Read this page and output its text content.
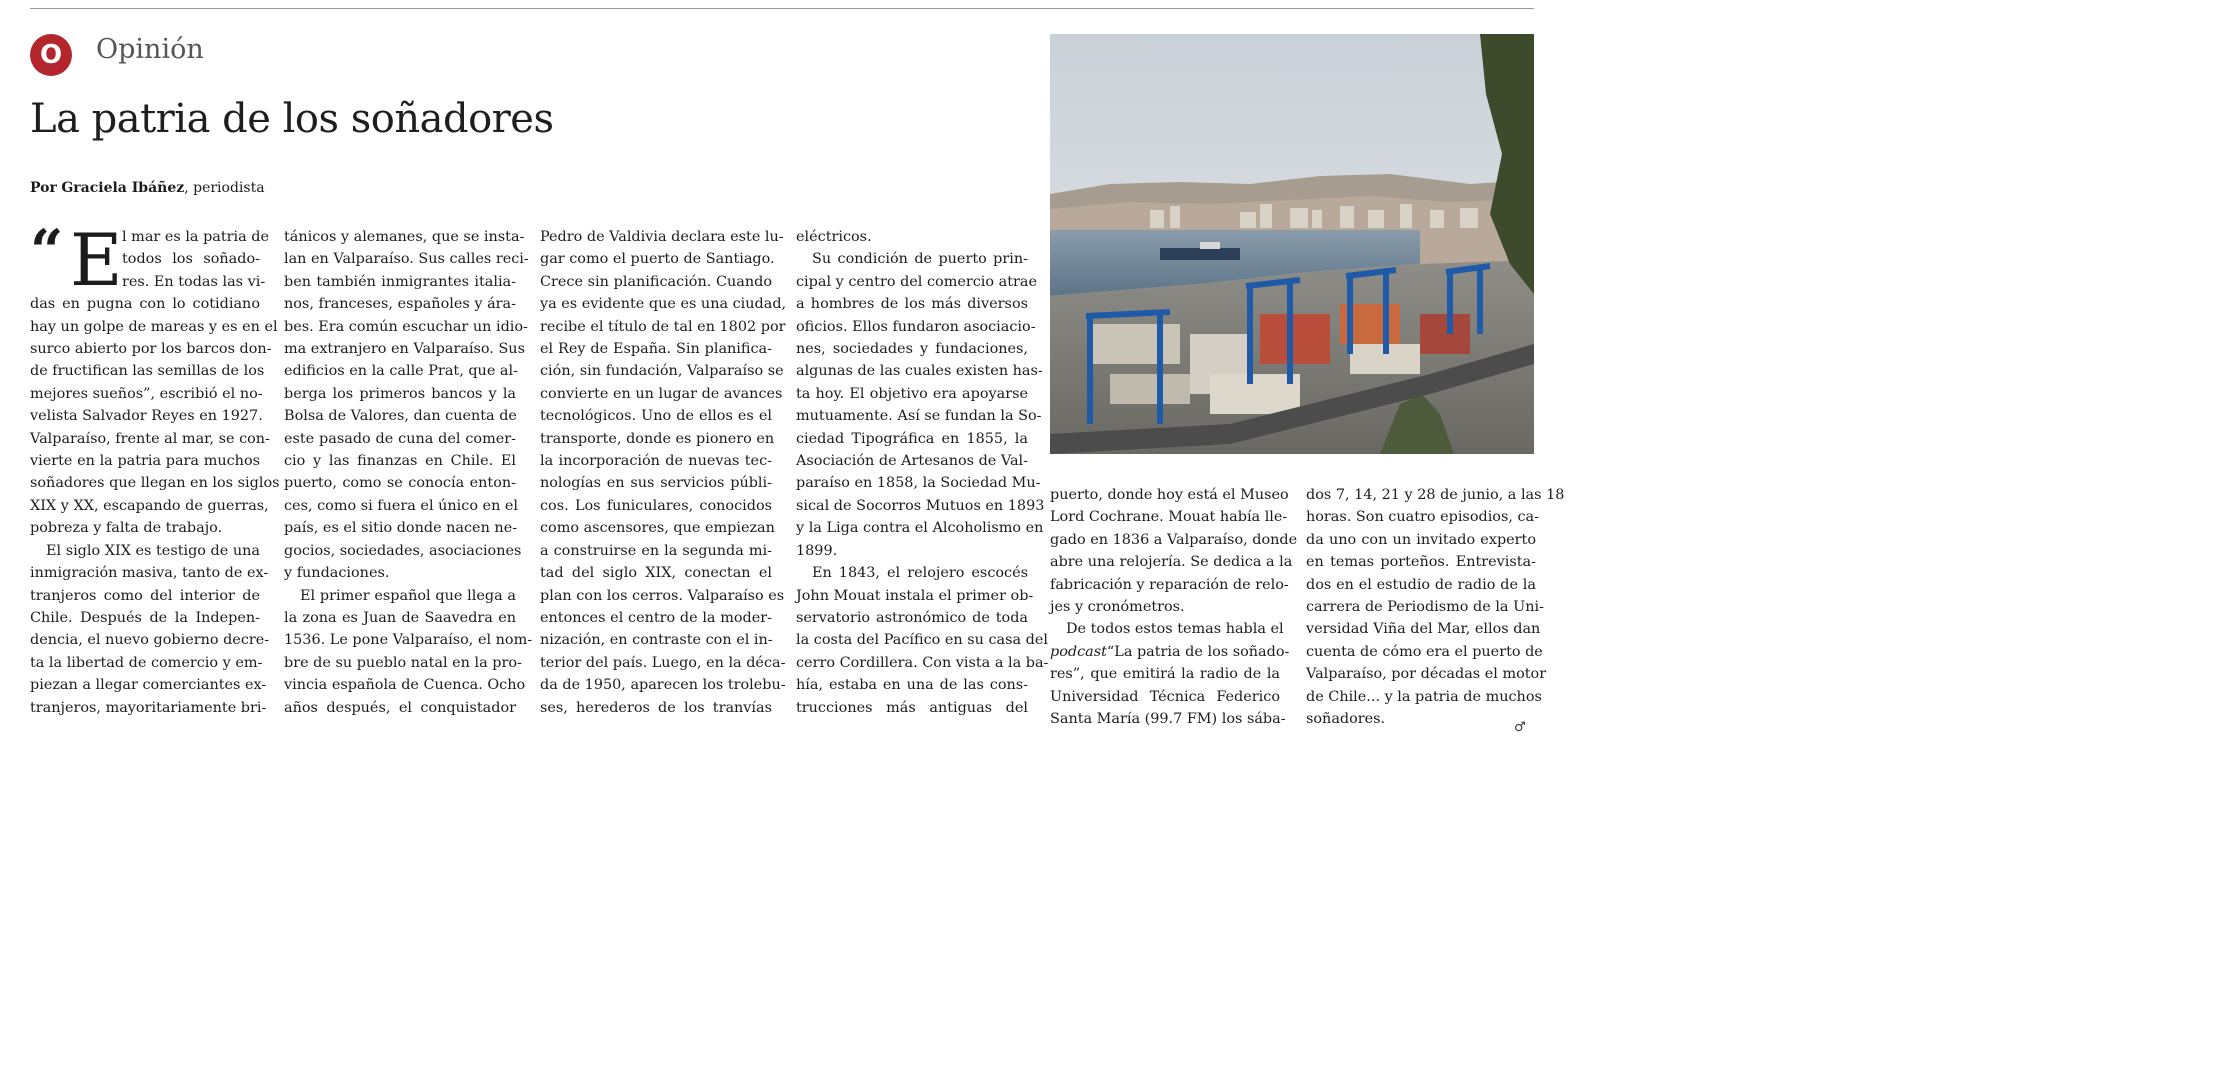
O	Opinión
La patria de los soñadores
Por Graciela Ibáñez, periodista
“ E l mar es la patria de
todos los soñado-
res. En todas las vi-
das en pugna con lo cotidiano
hay un golpe de mareas y es en el
surco abierto por los barcos don-
de fructifican las semillas de los
mejores sueños”, escribió el no-
velista Salvador Reyes en 1927.
Valparaíso, frente al mar, se con-
vierte en la patria para muchos
soñadores que llegan en los siglos
XIX y XX, escapando de guerras,
pobreza y falta de trabajo.
El siglo XIX es testigo de una
inmigración masiva, tanto de ex-
tranjeros como del interior de
Chile. Después de la Indepen-
dencia, el nuevo gobierno decre-
ta la libertad de comercio y em-
piezan a llegar comerciantes ex-
tranjeros, mayoritariamente bri-
tánicos y alemanes, que se insta-
lan en Valparaíso. Sus calles reci-
ben también inmigrantes italia-
nos, franceses, españoles y ára-
bes. Era común escuchar un idio-
ma extranjero en Valparaíso. Sus
edificios en la calle Prat, que al-
berga los primeros bancos y la
Bolsa de Valores, dan cuenta de
este pasado de cuna del comer-
cio y las finanzas en Chile. El
puerto, como se conocía enton-
ces, como si fuera el único en el
país, es el sitio donde nacen ne-
gocios, sociedades, asociaciones
y fundaciones.
El primer español que llega a
la zona es Juan de Saavedra en
1536. Le pone Valparaíso, el nom-
bre de su pueblo natal en la pro-
vincia española de Cuenca. Ocho
años después, el conquistador
Pedro de Valdivia declara este lu-
gar como el puerto de Santiago.
Crece sin planificación. Cuando
ya es evidente que es una ciudad,
recibe el título de tal en 1802 por
el Rey de España. Sin planifica-
ción, sin fundación, Valparaíso se
convierte en un lugar de avances
tecnológicos. Uno de ellos es el
transporte, donde es pionero en
la incorporación de nuevas tec-
nologías en sus servicios públi-
cos. Los funiculares, conocidos
como ascensores, que empiezan
a construirse en la segunda mi-
tad del siglo XIX, conectan el
plan con los cerros. Valparaíso es
entonces el centro de la moder-
nización, en contraste con el in-
terior del país. Luego, en la déca-
da de 1950, aparecen los trolebu-
ses, herederos de los tranvías
eléctricos.
Su condición de puerto prin-
cipal y centro del comercio atrae
a hombres de los más diversos
oficios. Ellos fundaron asociacio-
nes, sociedades y fundaciones,
algunas de las cuales existen has-
ta hoy. El objetivo era apoyarse
mutuamente. Así se fundan la So-
ciedad Tipográfica en 1855, la
Asociación de Artesanos de Val-
paraíso en 1858, la Sociedad Mu-
sical de Socorros Mutuos en 1893
y la Liga contra el Alcoholismo en
1899.
En 1843, el relojero escocés
John Mouat instala el primer ob-
servatorio astronómico de toda
la costa del Pacífico en su casa del
cerro Cordillera. Con vista a la ba-
hía, estaba en una de las cons-
trucciones más antiguas del
puerto, donde hoy está el Museo
Lord Cochrane. Mouat había lle-
gado en 1836 a Valparaíso, donde
abre una relojería. Se dedica a la
fabricación y reparación de relo-
jes y cronómetros.
De todos estos temas habla el
podcast“La patria de los soñado-
res”, que emitirá la radio de la
Universidad Técnica Federico
Santa María (99.7 FM) los sába-
dos 7, 14, 21 y 28 de junio, a las 18
horas. Son cuatro episodios, ca-
da uno con un invitado experto
en temas porteños. Entrevista-
dos en el estudio de radio de la
carrera de Periodismo de la Uni-
versidad Viña del Mar, ellos dan
cuenta de cómo era el puerto de
Valparaíso, por décadas el motor
de Chile... y la patria de muchos
soñadores.
♂
